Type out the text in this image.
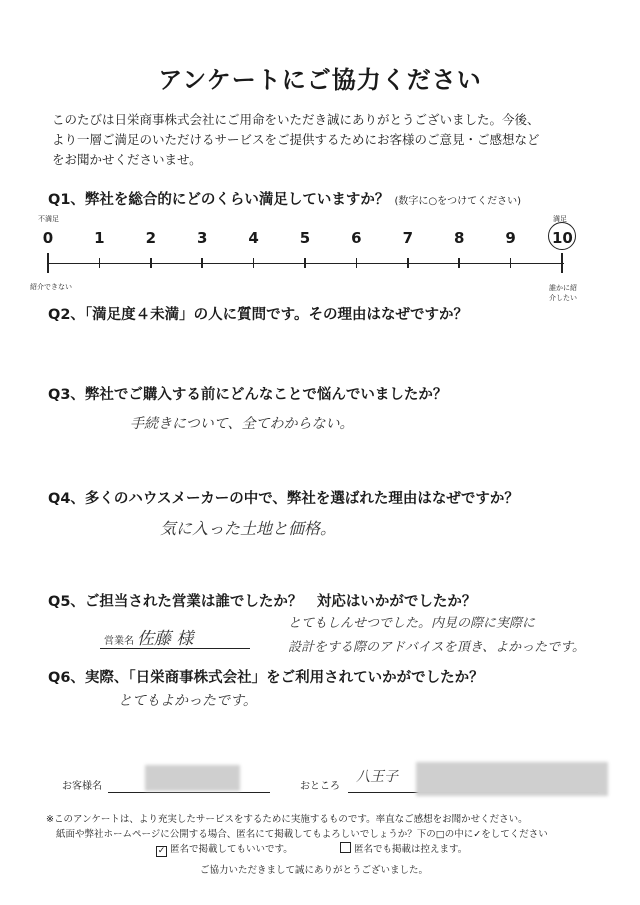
アンケートにご協力ください
このたびは日栄商事株式会社にご用命をいただき誠にありがとうございました。今後、
より一層ご満足のいただけるサービスをご提供するためにお客様のご意見・ご感想など
をお聞かせくださいませ。
Q1、弊社を総合的にどのくらい満足していますか？ (数字に○をつけてください)
不満足	満足
0	1	2	3	4	5	6	7	8	9	10
紹介できない	誰かに紹介したい
Q2、「満足度４未満」の人に質問です。その理由はなぜですか？
Q3、弊社でご購入する前にどんなことで悩んでいましたか？
手続きについて、全てわからない。
Q4、多くのハウスメーカーの中で、弊社を選ばれた理由はなぜですか？
気に入った土地と価格。
Q5、ご担当された営業は誰でしたか？　対応はいかがでしたか？
営業名 佐藤 様
とてもしんせつでした。内見の際に実際に
設計をする際のアドバイスを頂き、よかったです。
Q6、実際、「日栄商事株式会社」をご利用されていかがでしたか？
とてもよかったです。
お客様名	おところ
八王子
※このアンケートは、より充実したサービスをするために実施するものです。率直なご感想をお聞かせください。
紙面や弊社ホームページに公開する場合、匿名にて掲載してもよろしいでしょうか？下の□の中に✓をしてください
✓ 匿名で掲載してもいいです。	匿名でも掲載は控えます。
ご協力いただきまして誠にありがとうございました。
